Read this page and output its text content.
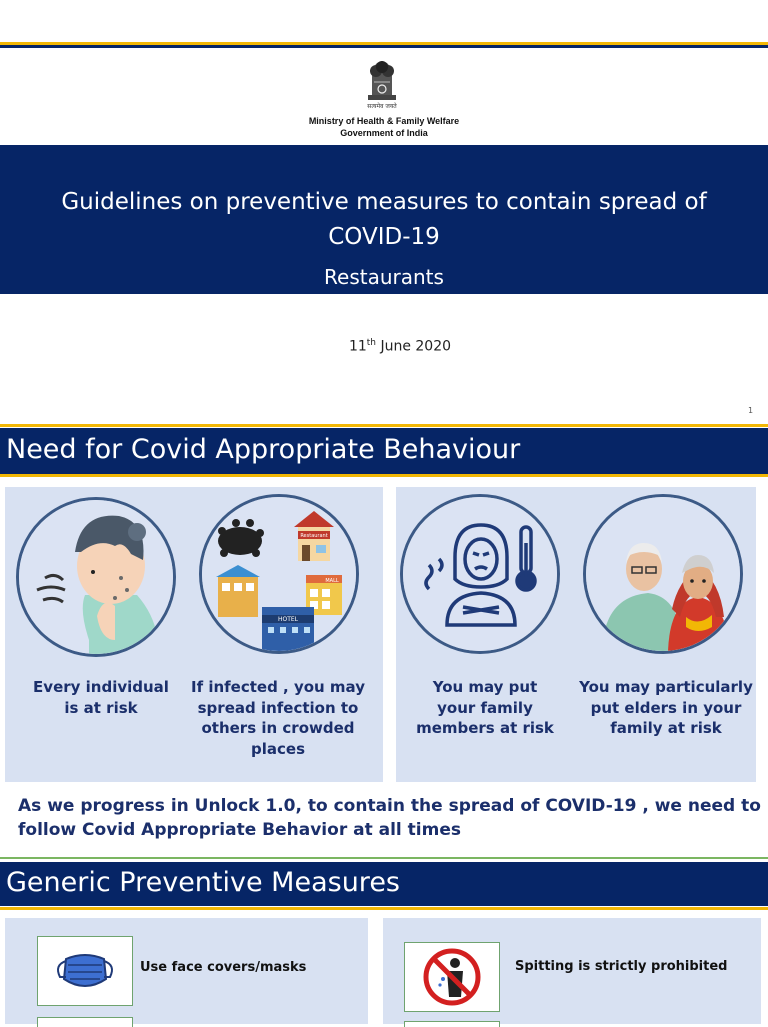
सत्यमेव जयते
Ministry of Health & Family Welfare
Government of India
Guidelines on preventive measures to contain spread of
COVID-19
Restaurants
11th June 2020
1
Need for Covid Appropriate Behaviour
Restaurant
MALL
HOTEL
Every individual
is at risk
If infected , you may
spread infection to
others in crowded places
You may put
your family
members at risk
You may particularly
put elders in your
family at risk
As we progress in Unlock 1.0, to contain the spread of COVID-19 , we need to
follow Covid Appropriate Behavior at all times
Generic Preventive Measures
Use face covers/masks	Spitting is strictly prohibited
